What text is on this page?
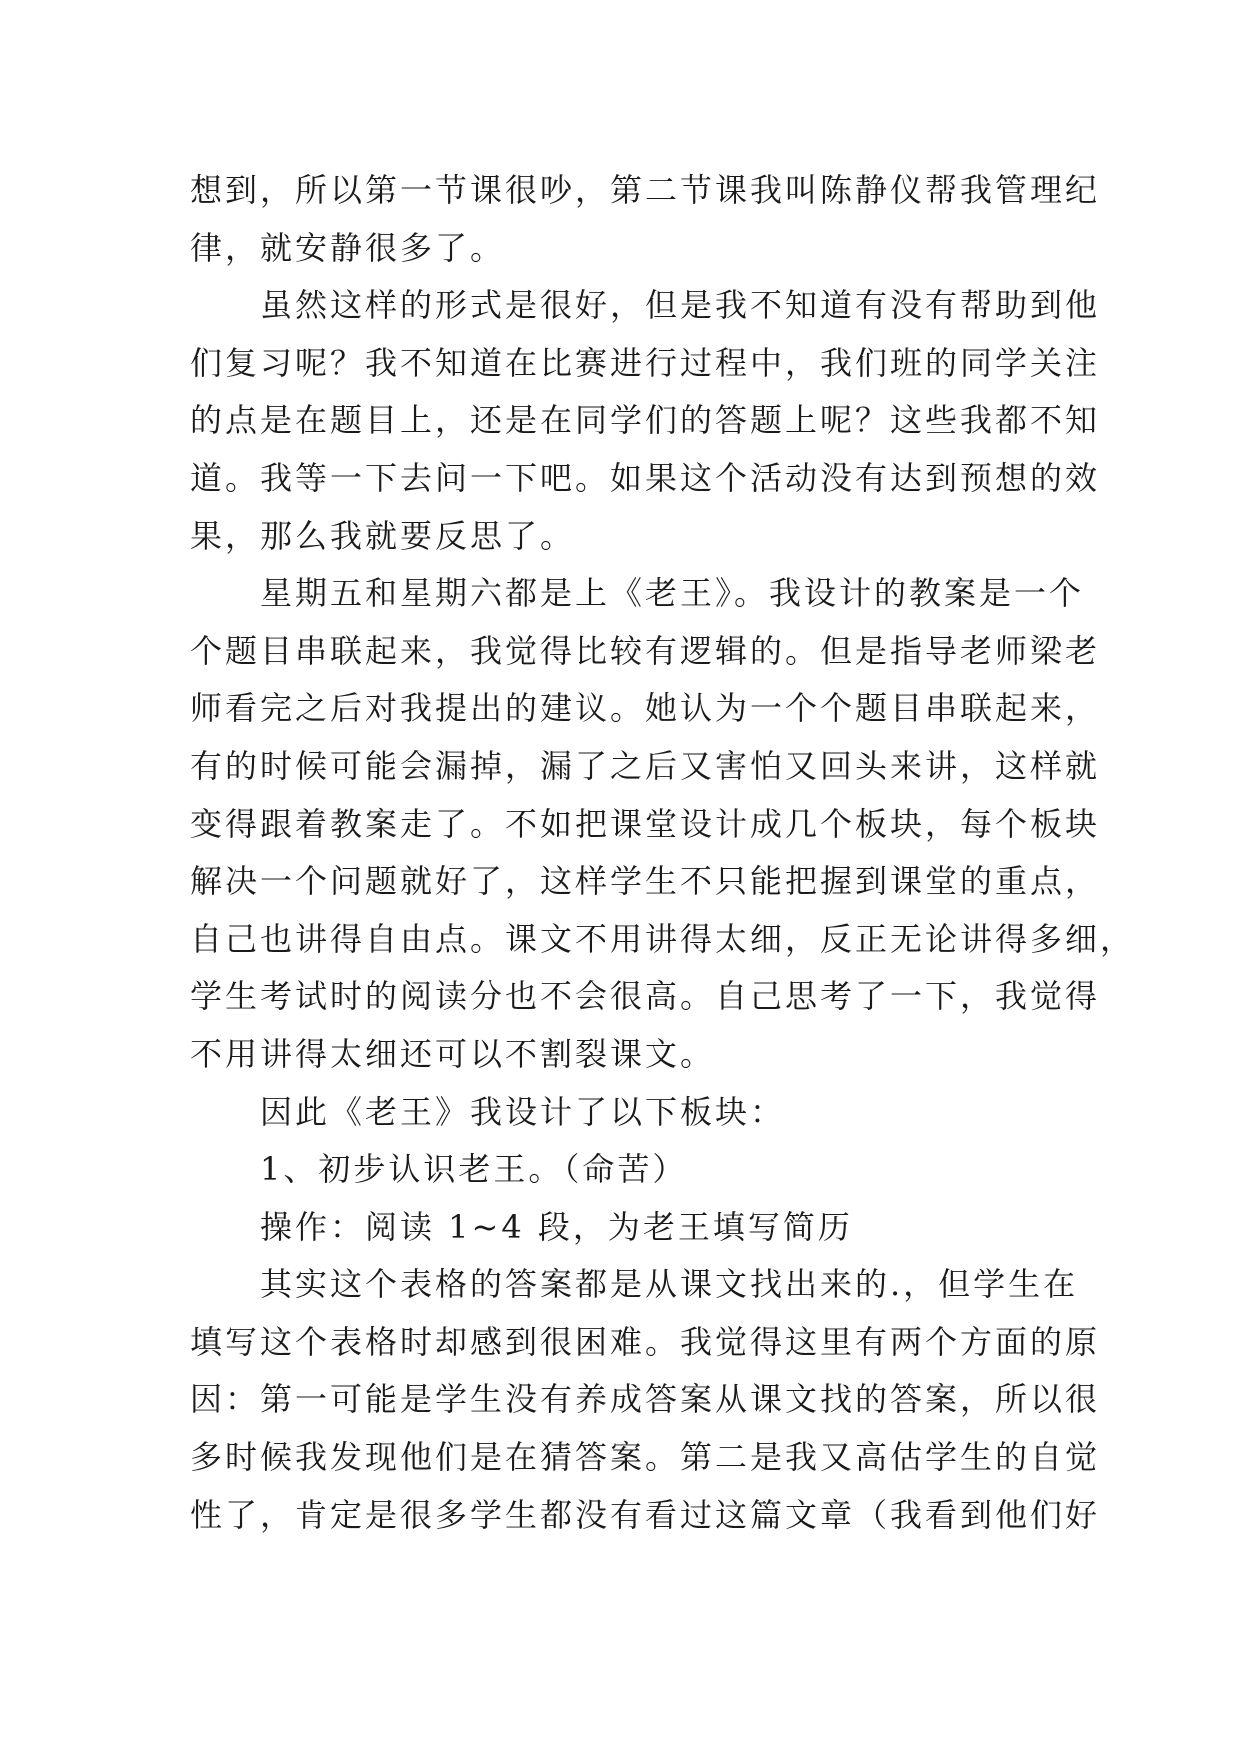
想到，所以第一节课很吵，第二节课我叫陈静仪帮我管理纪
律，就安静很多了。
虽然这样的形式是很好，但是我不知道有没有帮助到他
们复习呢？我不知道在比赛进行过程中，我们班的同学关注
的点是在题目上，还是在同学们的答题上呢？这些我都不知
道。我等一下去问一下吧。如果这个活动没有达到预想的效
果，那么我就要反思了。
星期五和星期六都是上《老王》。我设计的教案是一个
个题目串联起来，我觉得比较有逻辑的。但是指导老师梁老
师看完之后对我提出的建议。她认为一个个题目串联起来，
有的时候可能会漏掉，漏了之后又害怕又回头来讲，这样就
变得跟着教案走了。不如把课堂设计成几个板块，每个板块
解决一个问题就好了，这样学生不只能把握到课堂的重点，
自己也讲得自由点。课文不用讲得太细，反正无论讲得多细，
学生考试时的阅读分也不会很高。自己思考了一下，我觉得
不用讲得太细还可以不割裂课文。
因此《老王》我设计了以下板块：
1、初步认识老王。（命苦）
操作：阅读 1~4 段，为老王填写简历
其实这个表格的答案都是从课文找出来的.，但学生在
填写这个表格时却感到很困难。我觉得这里有两个方面的原
因：第一可能是学生没有养成答案从课文找的答案，所以很
多时候我发现他们是在猜答案。第二是我又高估学生的自觉
性了，肯定是很多学生都没有看过这篇文章（我看到他们好
